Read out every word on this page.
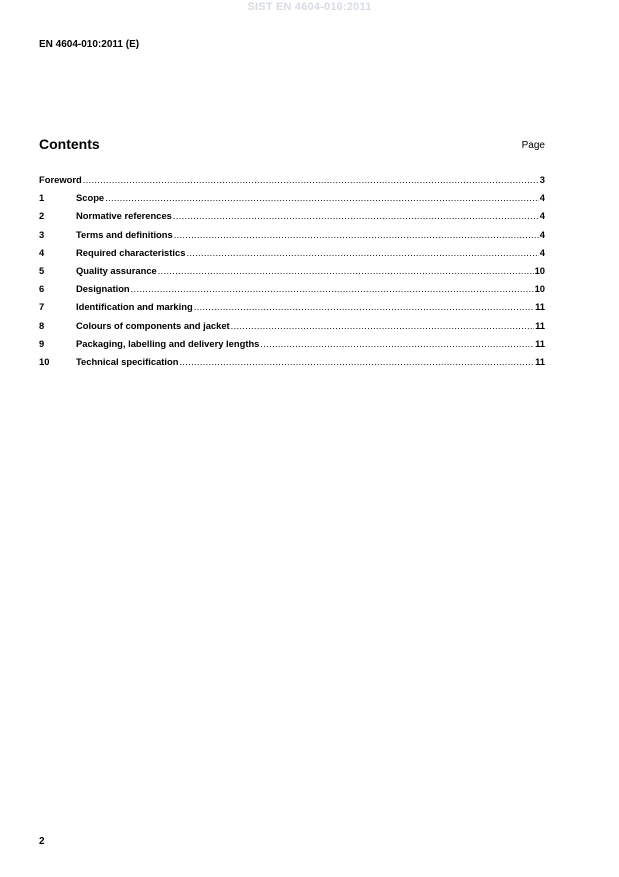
SIST EN 4604-010:2011
EN 4604-010:2011 (E)
Contents	Page
Foreword .....	3
1	Scope .....	4
2	Normative references .....	4
3	Terms and definitions .....	4
4	Required characteristics .....	4
5	Quality assurance .....	10
6	Designation .....	10
7	Identification and marking .....	11
8	Colours of components and jacket .....	11
9	Packaging, labelling and delivery lengths .....	11
10	Technical specification .....	11
2
